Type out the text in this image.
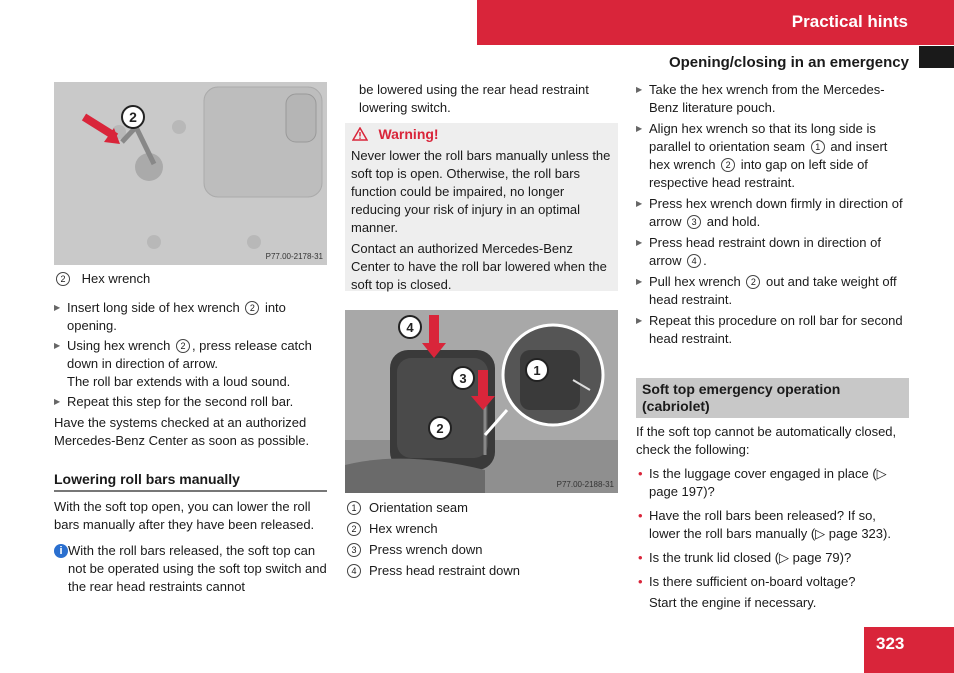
Practical hints
2
P77.00-2178-31
2 Hex wrench
▶ Insert long side of hex wrench 2 into opening.
▶ Using hex wrench 2 , press release catch down in direction of arrow.
The roll bar extends with a loud sound.
▶ Repeat this step for the second roll bar.
Have the systems checked at an authorized Mercedes-Benz Center as soon as possible.
Lowering roll bars manually
With the soft top open, you can lower the roll bars manually after they have been released.
i With the roll bars released, the soft top can not be operated using the soft top switch and the rear head restraints cannot
be lowered using the rear head restraint lowering switch.
Warning!
Never lower the roll bars manually unless the soft top is open. Otherwise, the roll bars function could be impaired, no longer reducing your risk of injury in an optimal manner.
Contact an authorized Mercedes-Benz Center to have the roll bar lowered when the soft top is closed.
4
3
2
1
P77.00-2188-31
1 Orientation seam
2 Hex wrench
3 Press wrench down
4 Press head restraint down
Opening/closing in an emergency
▶ Take the hex wrench from the Mercedes-Benz literature pouch.
▶ Align hex wrench so that its long side is parallel to orientation seam 1 and insert hex wrench 2 into gap on left side of respective head restraint.
▶ Press hex wrench down firmly in direction of arrow 3 and hold.
▶ Press head restraint down in direction of arrow 4 .
▶ Pull hex wrench 2 out and take weight off head restraint.
▶ Repeat this procedure on roll bar for second head restraint.
Soft top emergency operation (cabriolet)
If the soft top cannot be automatically closed, check the following:
• Is the luggage cover engaged in place (▷ page 197)?
• Have the roll bars been released? If so, lower the roll bars manually (▷ page 323).
• Is the trunk lid closed (▷ page 79)?
• Is there sufficient on-board voltage?
Start the engine if necessary.
323
